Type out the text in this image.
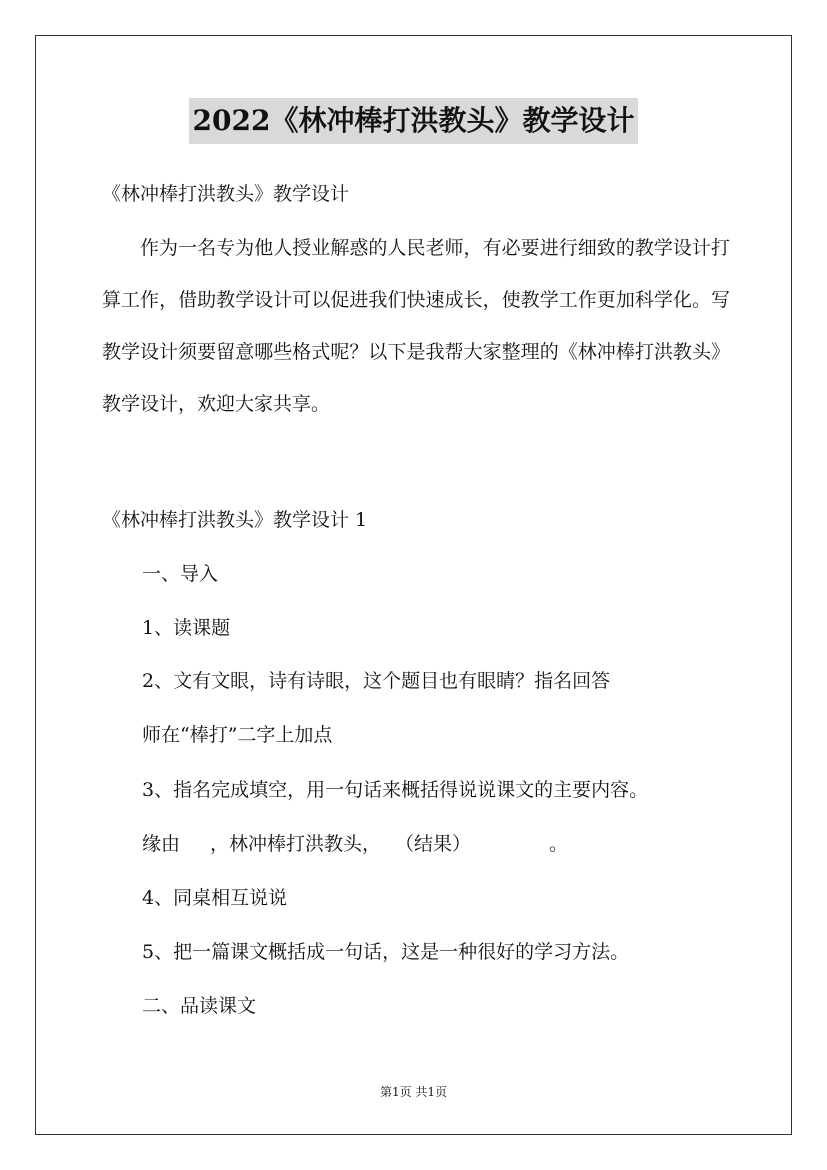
2022《林冲棒打洪教头》教学设计
《林冲棒打洪教头》教学设计
作为一名专为他人授业解惑的人民老师，有必要进行细致的教学设计打算工作，借助教学设计可以促进我们快速成长，使教学工作更加科学化。写教学设计须要留意哪些格式呢？以下是我帮大家整理的《林冲棒打洪教头》教学设计，欢迎大家共享。
《林冲棒打洪教头》教学设计 1
一、导入
1、读课题
2、文有文眼，诗有诗眼，这个题目也有眼睛？指名回答
师在“棒打”二字上加点
3、指名完成填空，用一句话来概括得说说课文的主要内容。
缘由 ，林冲棒打洪教头， （结果）	。
4、同桌相互说说
5、把一篇课文概括成一句话，这是一种很好的学习方法。
二、品读课文
第1页 共1页
